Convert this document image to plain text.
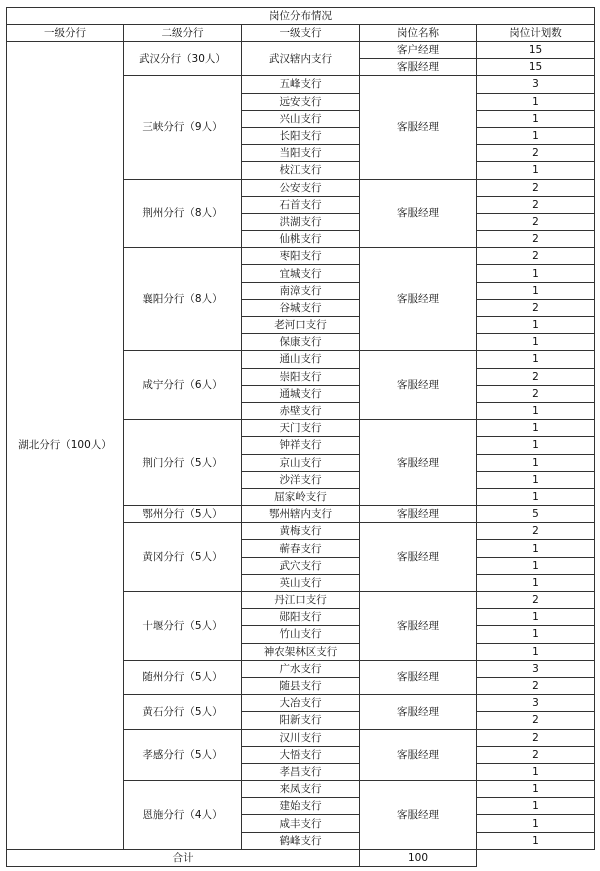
岗位分布情况				
一级分行	二级分行	一级支行	岗位名称	岗位计划数
湖北分行（100人）	武汉分行（30人）	武汉辖内支行	客户经理	15
			客服经理	15
	三峡分行（9人）	五峰支行	客服经理	3
		远安支行		1
		兴山支行		1
		长阳支行		1
		当阳支行		2
		枝江支行		1
	荆州分行（8人）	公安支行	客服经理	2
		石首支行		2
		洪湖支行		2
		仙桃支行		2
	襄阳分行（8人）	枣阳支行	客服经理	2
		宜城支行		1
		南漳支行		1
		谷城支行		2
		老河口支行		1
		保康支行		1
	咸宁分行（6人）	通山支行	客服经理	1
		崇阳支行		2
		通城支行		2
		赤壁支行		1
	荆门分行（5人）	天门支行	客服经理	1
		钟祥支行		1
		京山支行		1
		沙洋支行		1
		屈家岭支行		1
	鄂州分行（5人）	鄂州辖内支行	客服经理	5
	黄冈分行（5人）	黄梅支行	客服经理	2
		蕲春支行		1
		武穴支行		1
		英山支行		1
	十堰分行（5人）	丹江口支行	客服经理	2
		郧阳支行		1
		竹山支行		1
		神农架林区支行		1
	随州分行（5人）	广水支行	客服经理	3
		随县支行		2
	黄石分行（5人）	大冶支行	客服经理	3
		阳新支行		2
	孝感分行（5人）	汉川支行	客服经理	2
		大悟支行		2
		孝昌支行		1
	恩施分行（4人）	来凤支行	客服经理	1
		建始支行		1
		咸丰支行		1
		鹤峰支行		1
合计			100	
